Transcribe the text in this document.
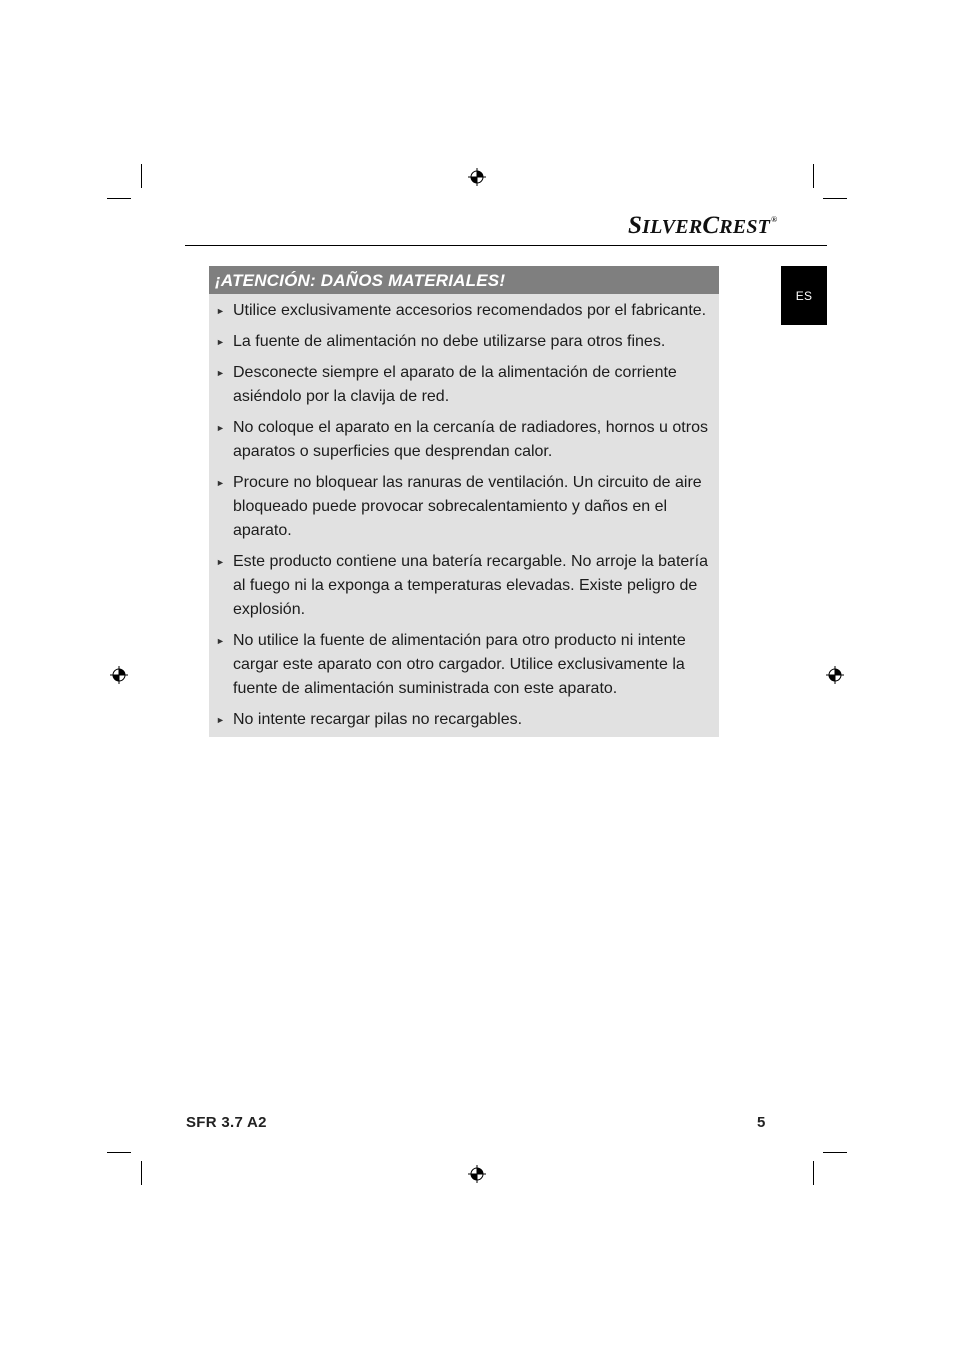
SILVERCREST®
ES
¡ATENCIÓN: DAÑOS MATERIALES!
► Utilice exclusivamente accesorios recomendados por el fabricante.
► La fuente de alimentación no debe utilizarse para otros fines.
► Desconecte siempre el aparato de la alimentación de corriente asiéndolo por la clavija de red.
► No coloque el aparato en la cercanía de radiadores, hornos u otros aparatos o superficies que desprendan calor.
► Procure no bloquear las ranuras de ventilación. Un circuito de aire bloqueado puede provocar sobrecalentamiento y daños en el aparato.
► Este producto contiene una batería recargable. No arroje la batería al fuego ni la exponga a temperaturas elevadas. Existe peligro de explosión.
► No utilice la fuente de alimentación para otro producto ni intente cargar este aparato con otro cargador. Utilice exclusivamente la fuente de alimentación suministrada con este aparato.
► No intente recargar pilas no recargables.
SFR 3.7 A2	5
